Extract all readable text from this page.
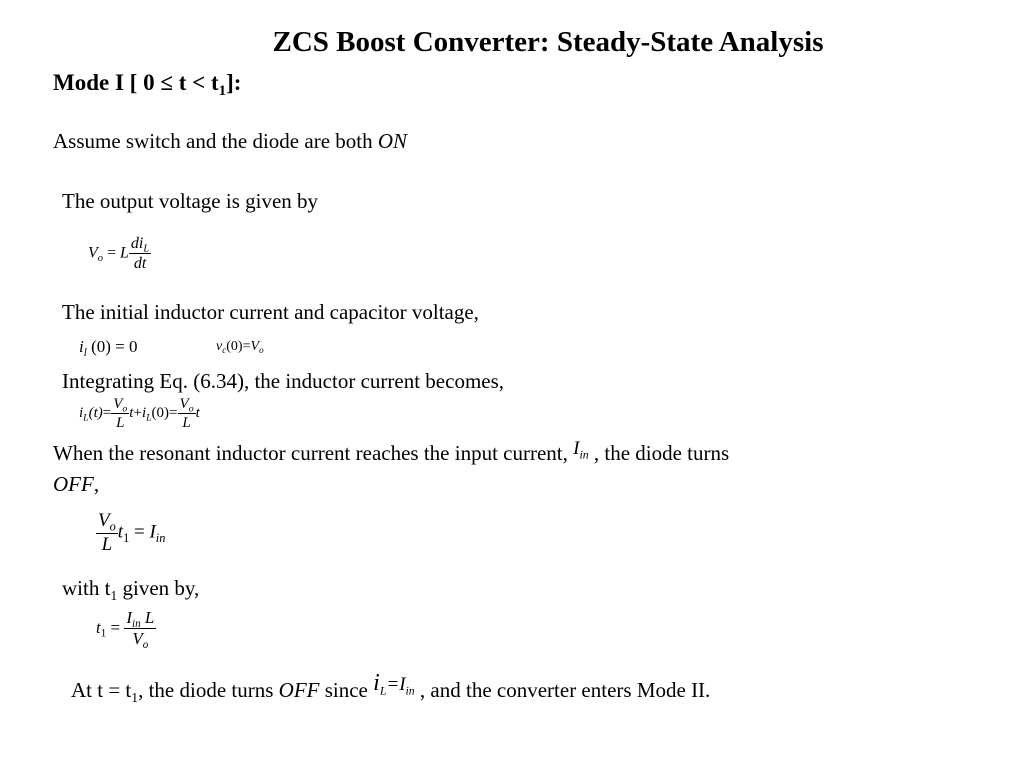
ZCS Boost Converter: Steady-State Analysis
Mode I [ $0 \le t < t_1$]:
Assume switch and the diode are both ON
The output voltage is given by
$V_o = L \frac{di_L}{dt}$
The initial inductor current and capacitor voltage,
$i_l$ (0) = 0	$v_c(0)=V_o$
Integrating Eq. (6.34), the inductor current becomes,
$i_L(t)= \frac{V_o}{L} t+i_L(0)= \frac{V_o}{L}$ t
When the resonant inductor current reaches the input current, $I_{in}$ , the diode turns
OFF,
$\frac{V_o}{L} t_1 = I_{in}$
with $t_1$ given by,
$t_1 = \frac{I_{in} L}{V_o}$
At $t = t_1$, the diode turns OFF since $i_L=I_{in}$ , and the converter enters Mode II.
